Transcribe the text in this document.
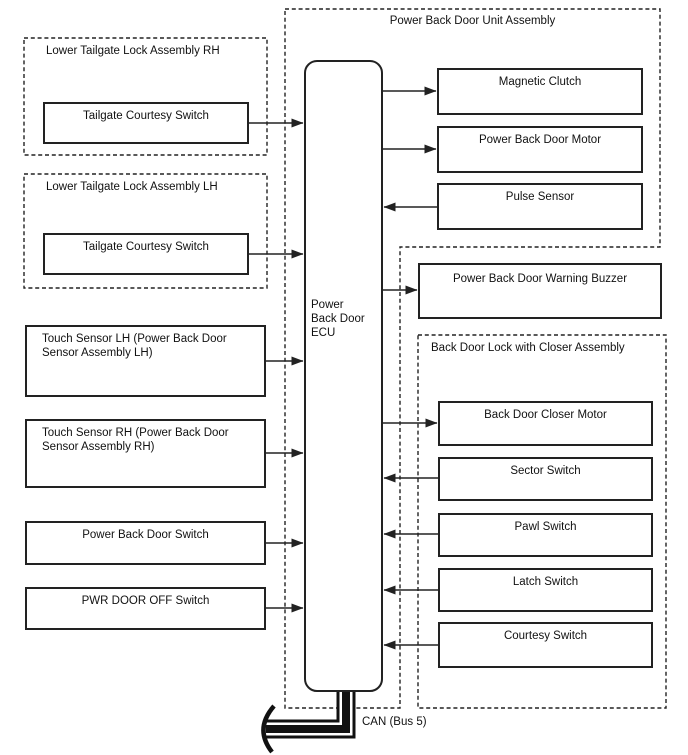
Power Back Door Unit Assembly
Lower Tailgate Lock Assembly RH
Lower Tailgate Lock Assembly LH
Back Door Lock with Closer Assembly
Tailgate Courtesy Switch
Tailgate Courtesy Switch
Touch Sensor LH (Power Back Door Sensor Assembly LH)
Touch Sensor RH (Power Back Door Sensor Assembly RH)
Power Back Door Switch
PWR DOOR OFF Switch
Power
Back Door
ECU
Magnetic Clutch
Power Back Door Motor
Pulse Sensor
Power Back Door Warning Buzzer
Back Door Closer Motor
Sector Switch
Pawl Switch
Latch Switch
Courtesy Switch
CAN (Bus 5)
